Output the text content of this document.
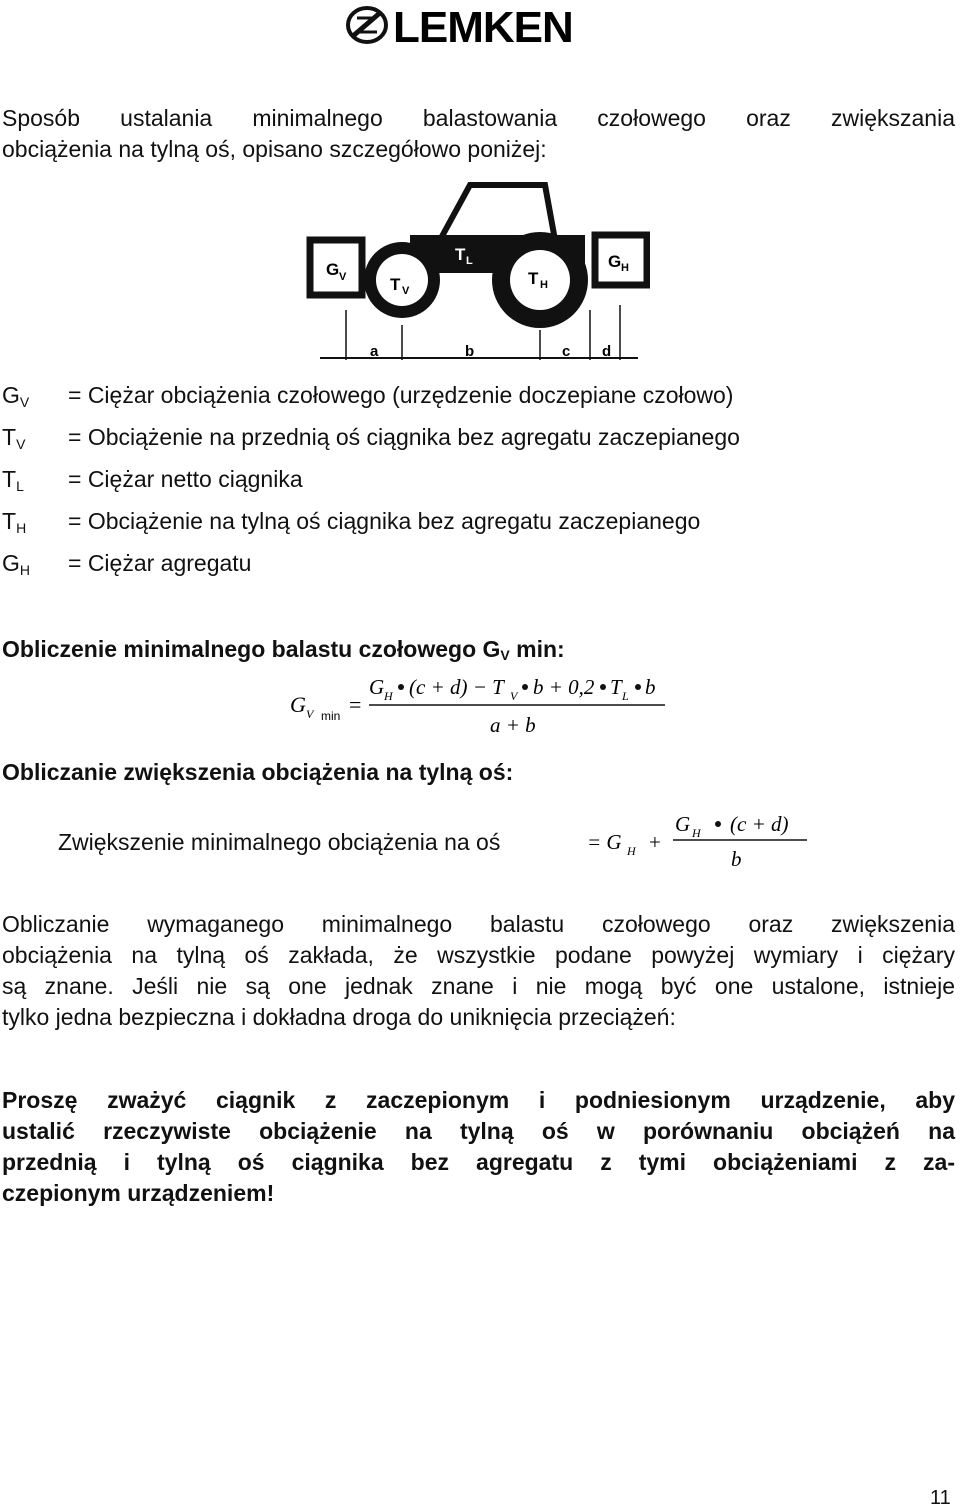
LEMKEN
Sposób ustalania minimalnego balastowania czołowego oraz zwiększania
obciążenia na tylną oś, opisano szczegółowo poniżej:
G V	T V
T L
T H
G H
a	b	c d
$G_V$ = Ciężar obciążenia czołowego (urzędzenie doczepiane czołowo)
$T_V$ = Obciążenie na przednią oś ciągnika bez agregatu zaczepianego
$T_L$ = Ciężar netto ciągnika
$T_H$ = Obciążenie na tylną oś ciągnika bez agregatu zaczepianego
$G_H$ = Ciężar agregatu
Obliczenie minimalnego balastu czołowego $G_V$ min:
G V min =
G H (c + d) − T V b + 0,2 T L b
a + b
Obliczanie zwiększenia obciążenia na tylną oś:
Zwiększenie minimalnego obciążenia na oś	= G H +
G H (c + d)
b
Obliczanie wymaganego minimalnego balastu czołowego oraz zwiększenia
obciążenia na tylną oś zakłada, że wszystkie podane powyżej wymiary i ciężary
są znane. Jeśli nie są one jednak znane i nie mogą być one ustalone, istnieje
tylko jedna bezpieczna i dokładna droga do uniknięcia przeciążeń:
Proszę zważyć ciągnik z zaczepionym i podniesionym urządzenie, aby
ustalić rzeczywiste obciążenie na tylną oś w porównaniu obciążeń na
przednią i tylną oś ciągnika bez agregatu z tymi obciążeniami z za-
czepionym urządzeniem!
11
